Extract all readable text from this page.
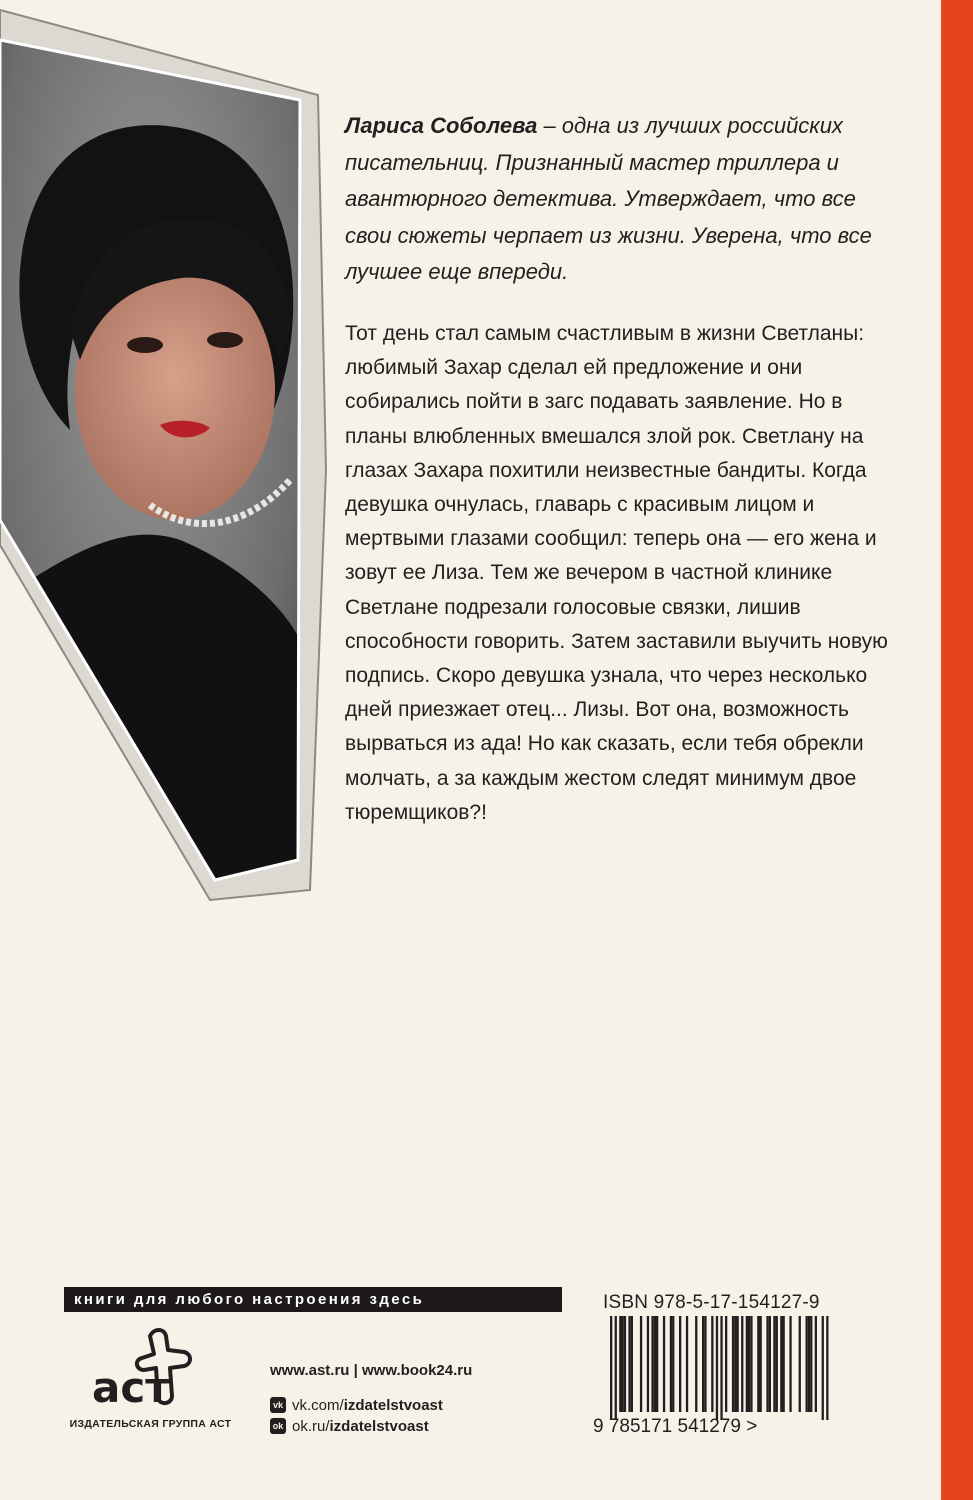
Лариса Соболева – одна из лучших российских писательниц. Признанный мастер триллера и авантюрного детектива. Утверждает, что все свои сюжеты черпает из жизни. Уверена, что все лучшее еще впереди.

Тот день стал самым счастливым в жизни Светланы: любимый Захар сделал ей предложение и они собирались пойти в загс подавать заявление. Но в планы влюбленных вмешался злой рок. Светлану на глазах Захара похитили неизвестные бандиты. Когда девушка очнулась, главарь с красивым лицом и мертвыми глазами сообщил: теперь она — его жена и зовут ее Лиза. Тем же вечером в частной клинике Светлане подрезали голосовые связки, лишив способности говорить. Затем заставили выучить новую подпись. Скоро девушка узнала, что через несколько дней приезжает отец... Лизы. Вот она, возможность вырваться из ада! Но как сказать, если тебя обрекли молчать, а за каждым жестом следят минимум двое тюремщиков?!

книги для любого настроения здесь
аст
ИЗДАТЕЛЬСКАЯ ГРУППА АСТ
www.ast.ru | www.book24.ru
vk vk.com/izdatelstvoast
ok ok.ru/izdatelstvoast
ISBN 978-5-17-154127-9
9 785171 541279 >
